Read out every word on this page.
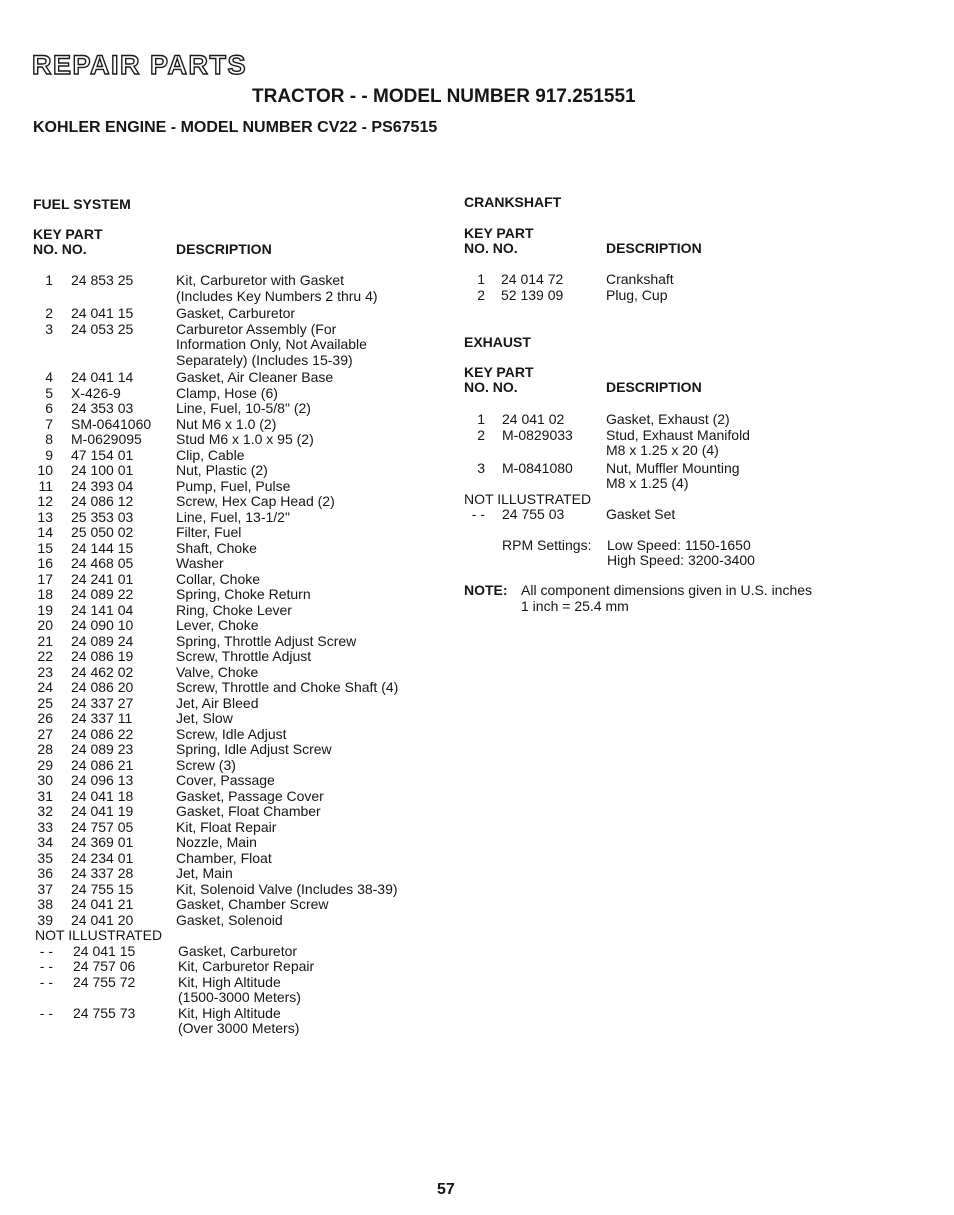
REPAIR PARTS
TRACTOR - - MODEL NUMBER 917.251551
KOHLER ENGINE - MODEL NUMBER CV22 - PS67515
FUEL SYSTEM
KEY PART
NO. NO.	DESCRIPTION
1 24 853 25	Kit, Carburetor with Gasket
(Includes Key Numbers 2 thru 4)
2 24 041 15	Gasket, Carburetor
3 24 053 25	Carburetor Assembly (For
Information Only, Not Available
Separately) (Includes 15-39)
4 24 041 14	Gasket, Air Cleaner Base
5 X-426-9	Clamp, Hose (6)
6 24 353 03	Line, Fuel, 10-5/8" (2)
7 SM-0641060 Nut M6 x 1.0 (2)
8 M-0629095 Stud M6 x 1.0 x 95 (2)
9 47 154 01	Clip, Cable
10 24 100 01	Nut, Plastic (2)
11 24 393 04	Pump, Fuel, Pulse
12 24 086 12	Screw, Hex Cap Head (2)
13 25 353 03	Line, Fuel, 13-1/2"
14 25 050 02	Filter, Fuel
15 24 144 15	Shaft, Choke
16 24 468 05	Washer
17 24 241 01	Collar, Choke
18 24 089 22	Spring, Choke Return
19 24 141 04	Ring, Choke Lever
20 24 090 10	Lever, Choke
21 24 089 24	Spring, Throttle Adjust Screw
22 24 086 19	Screw, Throttle Adjust
23 24 462 02	Valve, Choke
24 24 086 20	Screw, Throttle and Choke Shaft (4)
25 24 337 27	Jet, Air Bleed
26 24 337 11	Jet, Slow
27 24 086 22	Screw, Idle Adjust
28 24 089 23	Spring, Idle Adjust Screw
29 24 086 21	Screw (3)
30 24 096 13	Cover, Passage
31 24 041 18	Gasket, Passage Cover
32 24 041 19	Gasket, Float Chamber
33 24 757 05	Kit, Float Repair
34 24 369 01	Nozzle, Main
35 24 234 01	Chamber, Float
36 24 337 28	Jet, Main
37 24 755 15	Kit, Solenoid Valve (Includes 38-39)
38 24 041 21	Gasket, Chamber Screw
39 24 041 20	Gasket, Solenoid
NOT ILLUSTRATED
- - 24 041 15	Gasket, Carburetor
- - 24 757 06	Kit, Carburetor Repair
- - 24 755 72	Kit, High Altitude
(1500-3000 Meters)
- - 24 755 73	Kit, High Altitude
(Over 3000 Meters)
CRANKSHAFT
KEY PART
NO. NO.	DESCRIPTION
1 24 014 72	Crankshaft
2 52 139 09	Plug, Cup
EXHAUST
KEY PART
NO. NO.	DESCRIPTION
1 24 041 02	Gasket, Exhaust (2)
2 M-0829033 Stud, Exhaust Manifold
M8 x 1.25 x 20 (4)
3 M-0841080 Nut, Muffler Mounting
M8 x 1.25 (4)
NOT ILLUSTRATED
- - 24 755 03	Gasket Set
RPM Settings: Low Speed: 1150-1650
High Speed: 3200-3400
NOTE: All component dimensions given in U.S. inches
1 inch = 25.4 mm
57
